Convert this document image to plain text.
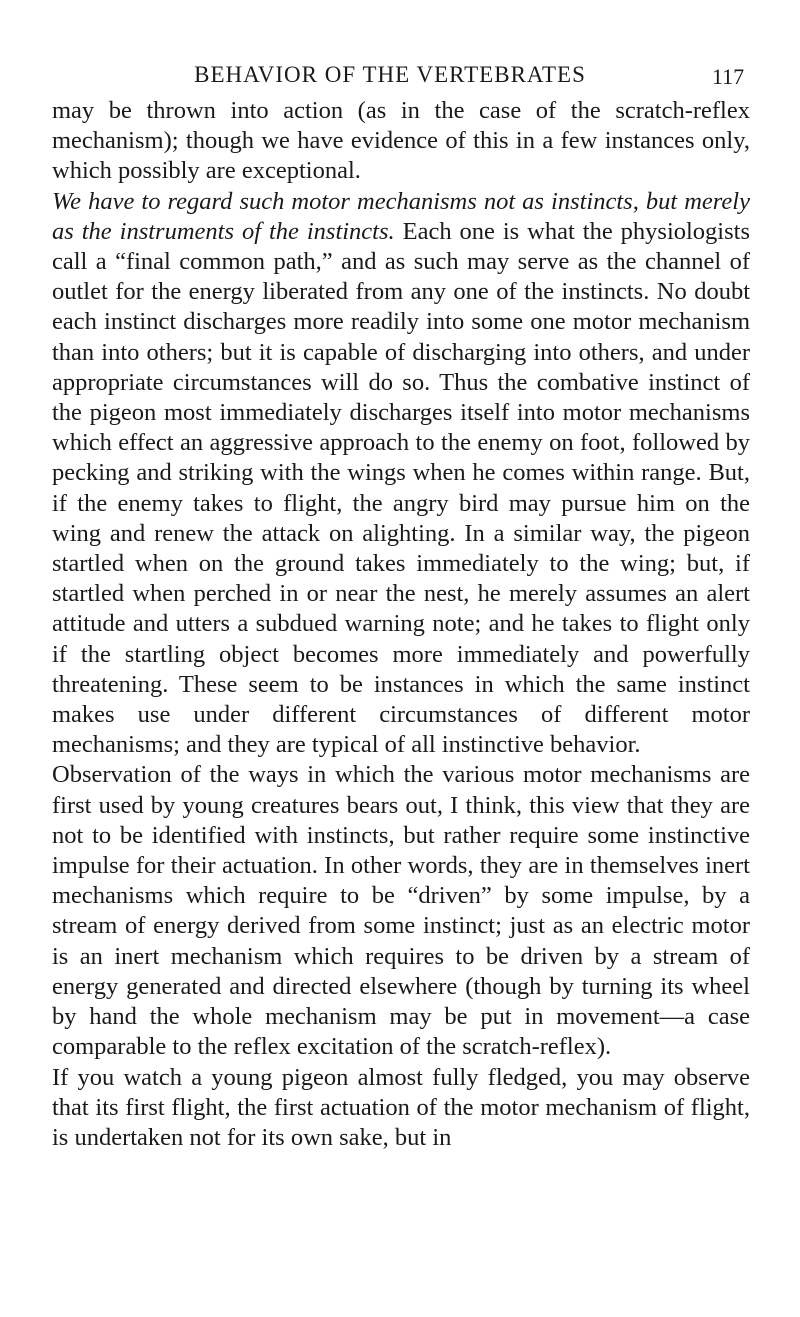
BEHAVIOR OF THE VERTEBRATES	117

may be thrown into action (as in the case of the scratch-reflex mechanism); though we have evidence of this in a few instances only, which possibly are exceptional.

We have to regard such motor mechanisms not as instincts, but merely as the instruments of the instincts. Each one is what the physiologists call a “final common path,” and as such may serve as the channel of outlet for the energy liberated from any one of the instincts. No doubt each instinct discharges more readily into some one motor mechanism than into others; but it is capable of discharging into others, and under appropriate circumstances will do so. Thus the combative instinct of the pigeon most immediately discharges itself into motor mechanisms which effect an aggressive approach to the enemy on foot, followed by pecking and striking with the wings when he comes within range. But, if the enemy takes to flight, the angry bird may pursue him on the wing and renew the attack on alighting. In a similar way, the pigeon startled when on the ground takes immediately to the wing; but, if startled when perched in or near the nest, he merely assumes an alert attitude and utters a subdued warning note; and he takes to flight only if the startling object becomes more immediately and powerfully threatening. These seem to be instances in which the same instinct makes use under different circumstances of different motor mechanisms; and they are typical of all instinctive behavior.

Observation of the ways in which the various motor mechanisms are first used by young creatures bears out, I think, this view that they are not to be identified with instincts, but rather require some instinctive impulse for their actuation. In other words, they are in themselves inert mechanisms which require to be “driven” by some impulse, by a stream of energy derived from some instinct; just as an electric motor is an inert mechanism which requires to be driven by a stream of energy generated and directed elsewhere (though by turning its wheel by hand the whole mechanism may be put in movement—a case comparable to the reflex excitation of the scratch-reflex).

If you watch a young pigeon almost fully fledged, you may observe that its first flight, the first actuation of the motor mechanism of flight, is undertaken not for its own sake, but in
